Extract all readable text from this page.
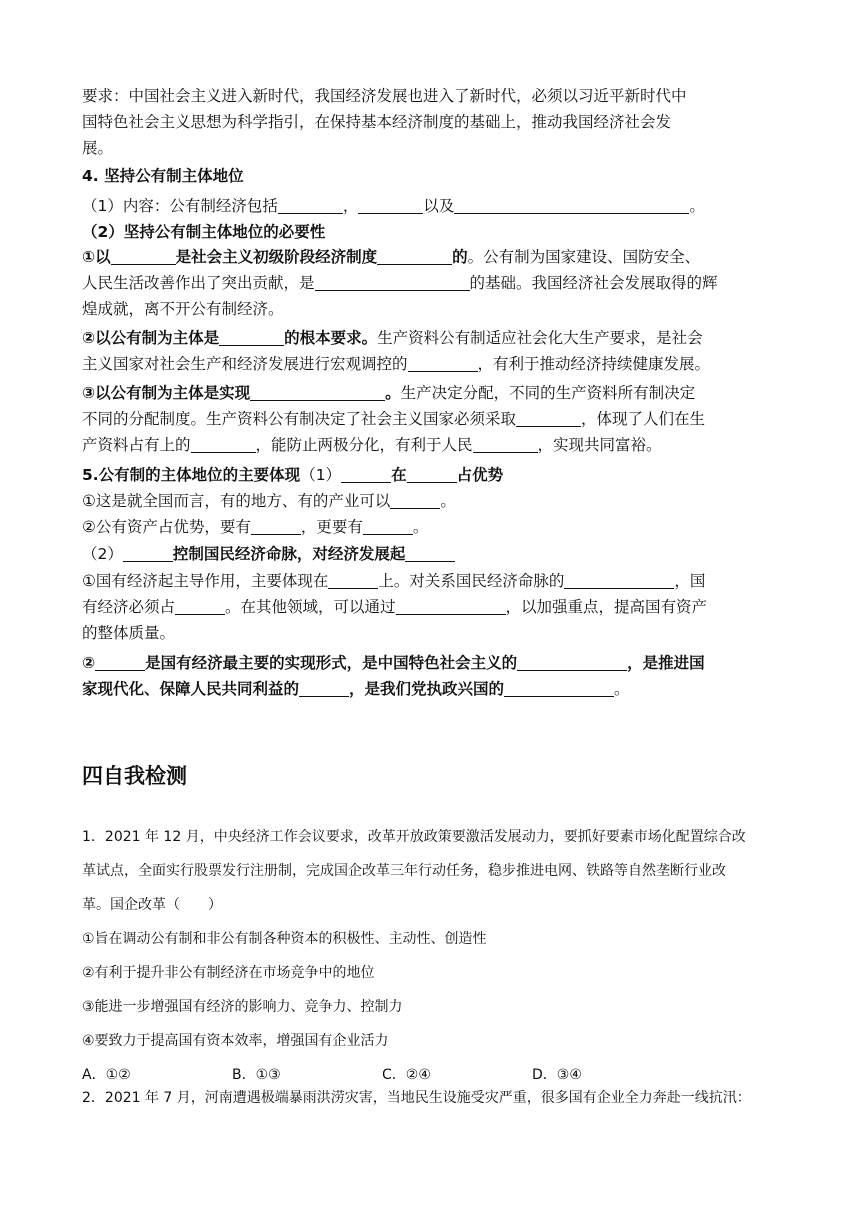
要求：中国社会主义进入新时代，我国经济发展也进入了新时代，必须以习近平新时代中

国特色社会主义思想为科学指引，在保持基本经济制度的基础上，推动我国经济社会发

展。

4. 坚持公有制主体地位

（1）内容：公有制经济包括	，	以及	。

（2）坚持公有制主体地位的必要性

①以	是社会主义初级阶段经济制度	的。公有制为国家建设、国防安全、

人民生活改善作出了突出贡献，是	的基础。我国经济社会发展取得的辉

煌成就，离不开公有制经济。

②以公有制为主体是	的根本要求。生产资料公有制适应社会化大生产要求，是社会

主义国家对社会生产和经济发展进行宏观调控的	，有利于推动经济持续健康发展。

③以公有制为主体是实现	。生产决定分配，不同的生产资料所有制决定

不同的分配制度。生产资料公有制决定了社会主义国家必须采取	，体现了人们在生

产资料占有上的	，能防止两极分化，有利于人民	，实现共同富裕。

5.公有制的主体地位的主要体现（1）	在	占优势

①这是就全国而言，有的地方、有的产业可以	。

②公有资产占优势，要有	，更要有	。

（2）	控制国民经济命脉，对经济发展起

①国有经济起主导作用，主要体现在	上。对关系国民经济命脉的	，国

有经济必须占	。在其他领域，可以通过	，以加强重点，提高国有资产

的整体质量。

②	是国有经济最主要的实现形式，是中国特色社会主义的	，是推进国

家现代化、保障人民共同利益的	，是我们党执政兴国的	。

四自我检测

1．2021 年 12 月，中央经济工作会议要求，改革开放政策要激活发展动力，要抓好要素市场化配置综合改

革试点，全面实行股票发行注册制，完成国企改革三年行动任务，稳步推进电网、铁路等自然垄断行业改

革。国企改革（　　）

①旨在调动公有制和非公有制各种资本的积极性、主动性、创造性

②有利于提升非公有制经济在市场竞争中的地位

③能进一步增强国有经济的影响力、竞争力、控制力

④要致力于提高国有资本效率，增强国有企业活力

A．①②	B．①③	C．②④	D．③④

2．2021 年 7 月，河南遭遇极端暴雨洪涝灾害，当地民生设施受灾严重，很多国有企业全力奔赴一线抗汛：
